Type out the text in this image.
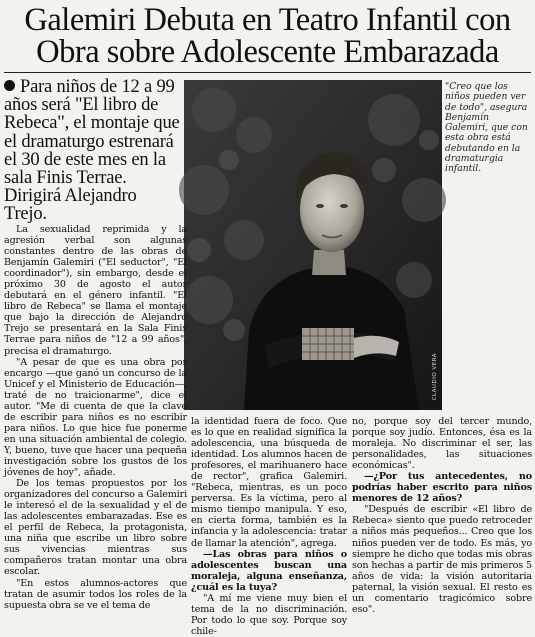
Galemiri Debuta en Teatro Infantil con Obra sobre Adolescente Embarazada

Para niños de 12 a 99 años será "El libro de Rebeca", el montaje que el dramaturgo estrenará el 30 de este mes en la sala Finis Terrae. Dirigirá Alejandro Trejo.

CLAUDIO VERA

"Creo que los niños pueden ver de todo", asegura Benjamín Galemiri, que con esta obra está debutando en la dramaturgia infantil.

La sexualidad reprimida y la agresión verbal son algunas constantes dentro de las obras de Benjamín Galemiri ("El seductor", "El coordinador"), sin embargo, desde el próximo 30 de agosto el autor debutará en el género infantil. "El libro de Rebeca" se llama el montaje que bajo la dirección de Alejandro Trejo se presentará en la Sala Finis Terrae para niños de "12 a 99 años", precisa el dramaturgo.

"A pesar de que es una obra por encargo —que ganó un concurso de la Unicef y el Ministerio de Educación—, traté de no traicionarme", dice el autor. "Me di cuenta de que la clave de escribir para niños es no escribir para niños. Lo que hice fue ponerme en una situación ambiental de colegio. Y, bueno, tuve que hacer una pequeña investigación sobre los gustos de los jóvenes de hoy", añade.

De los temas propuestos por los organizadores del concurso a Galemiri le interesó el de la sexualidad y el de las adolescentes embarazadas. Ese es el perfil de Rebeca, la protagonista, una niña que escribe un libro sobre sus vivencias mientras sus compañeros tratan montar una obra escolar.

"En estos alumnos-actores que tratan de asumir todos los roles de la supuesta obra se ve el tema de

la identidad fuera de foco. Que es lo que en realidad significa la adolescencia, una búsqueda de identidad. Los alumnos hacen de profesores, el marihuanero hace de rector", grafica Galemiri. "Rebeca, mientras, es un poco perversa. Es la víctima, pero al mismo tiempo manipula. Y eso, en cierta forma, también es la infancia y la adolescencia: tratar de llamar la atención", agrega.

—Las obras para niños o adolescentes buscan una moraleja, alguna enseñanza, ¿cuál es la tuya?

"A mí me viene muy bien el tema de la no discriminación. Por todo lo que soy. Porque soy chile-

no, porque soy del tercer mundo, porque soy judío. Entonces, ésa es la moraleja. No discriminar el ser, las personalidades, las situaciones económicas".

—¿Por tus antecedentes, no podrías haber escrito para niños menores de 12 años?

"Después de escribir «El libro de Rebeca» siento que puedo retroceder a niños más pequeños... Creo que los niños pueden ver de todo. Es más, yo siempre he dicho que todas mis obras son hechas a partir de mis primeros 5 años de vida: la visión autoritaria paternal, la visión sexual. El resto es un comentario tragicómico sobre eso".
